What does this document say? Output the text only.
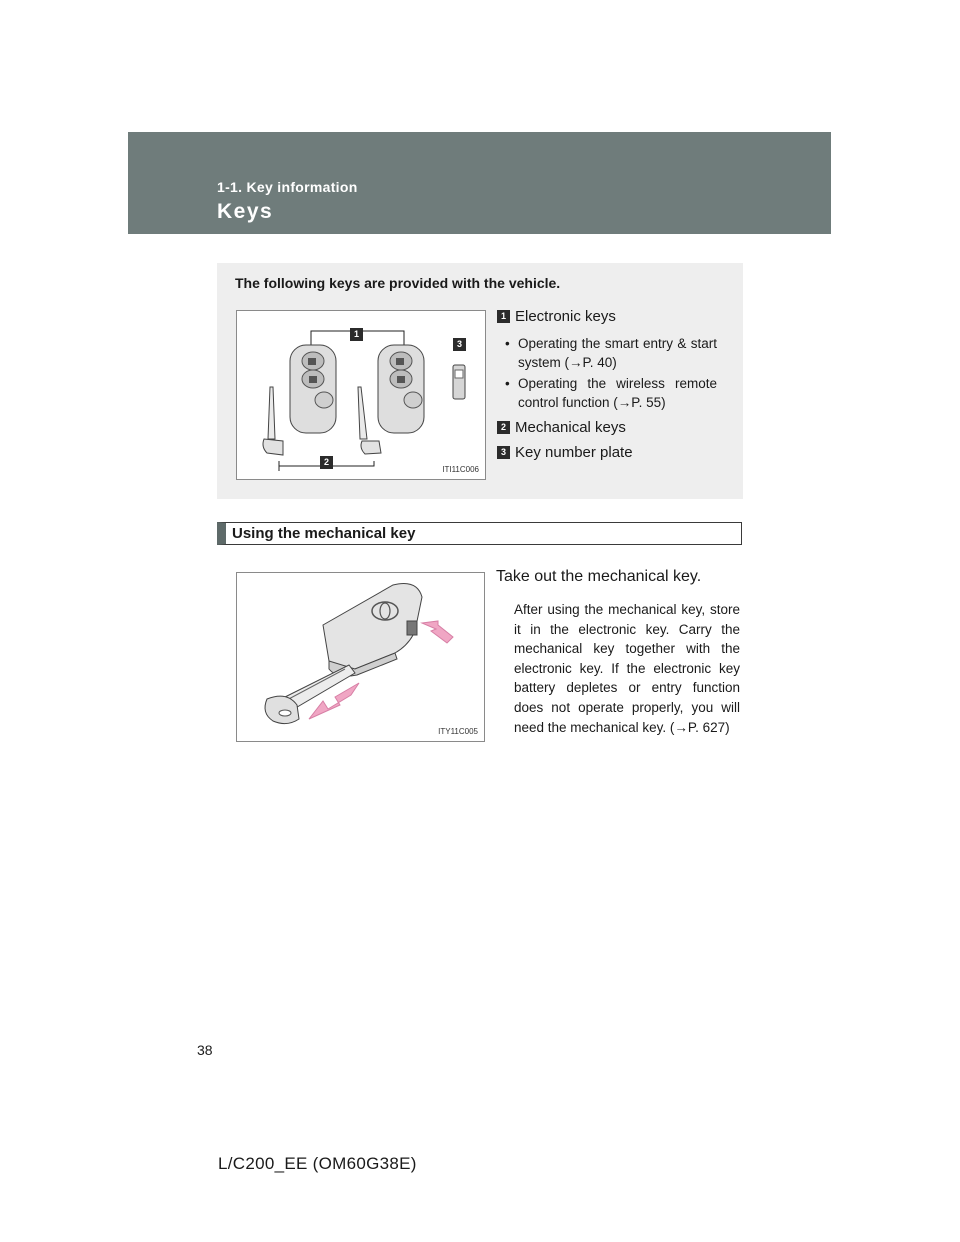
1-1. Key information
Keys
The following keys are provided with the vehicle.
1
2
3
ITI11C006
1 Electronic keys
• Operating the smart entry & start system (→P. 40)
• Operating the wireless remote control function (→P. 55)
2 Mechanical keys
3 Key number plate
Using the mechanical key
ITY11C005
Take out the mechanical key.
After using the mechanical key, store it in the electronic key. Carry the mechanical key together with the electronic key. If the electronic key battery depletes or entry function does not operate properly, you will need the mechanical key. (→P. 627)
38
L/C200_EE (OM60G38E)
